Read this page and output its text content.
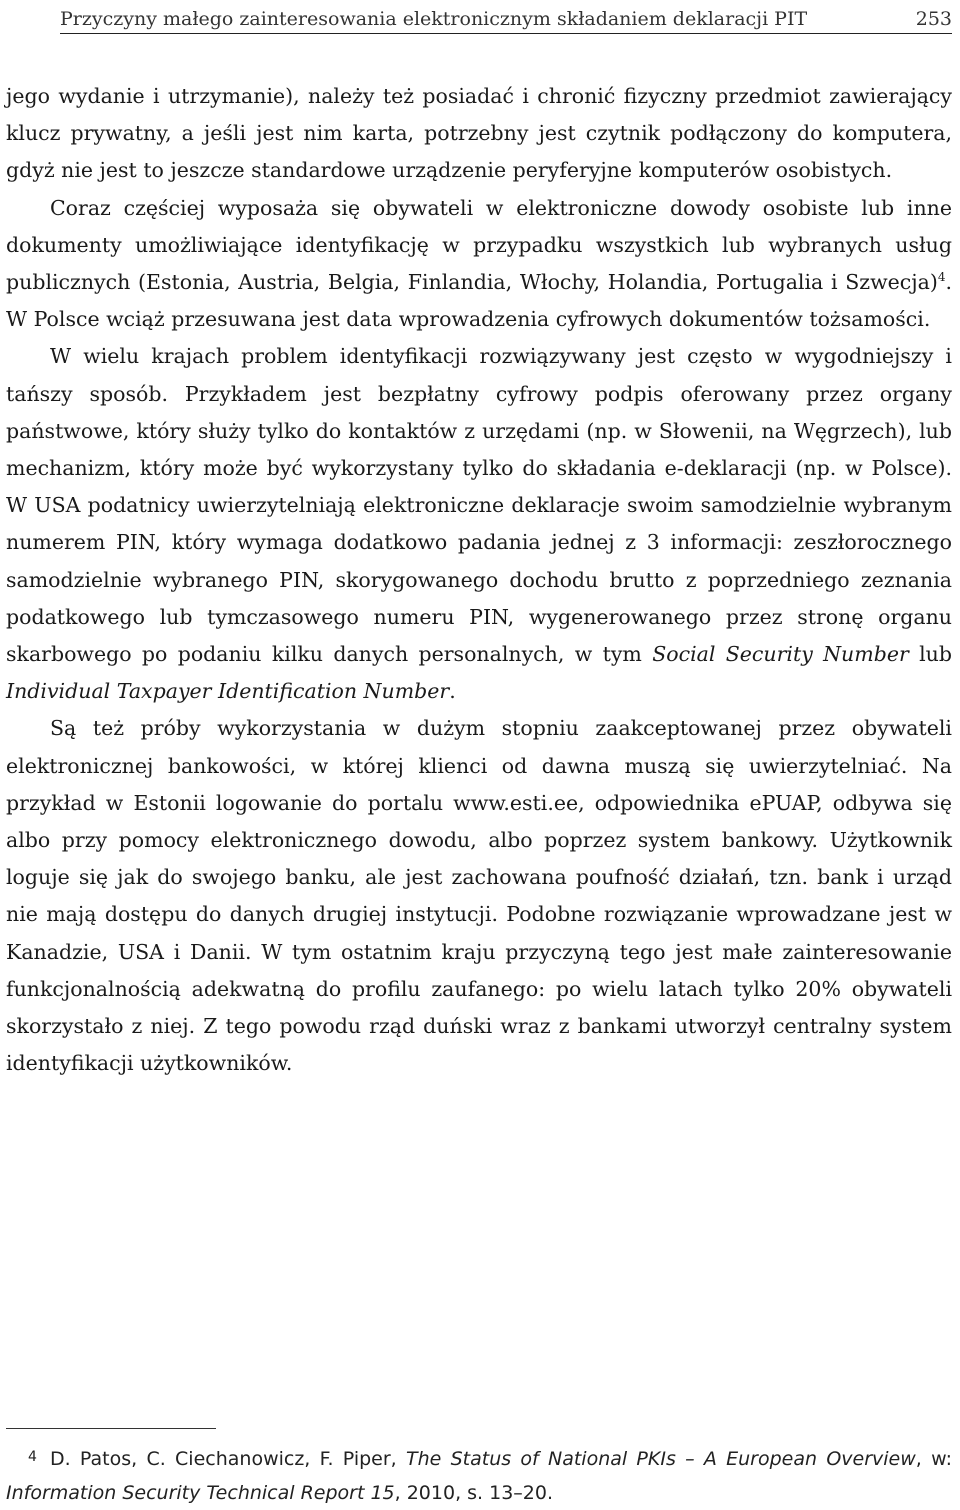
Przyczyny małego zainteresowania elektronicznym składaniem deklaracji PIT	253

jego wydanie i utrzymanie), należy też posiadać i chronić fizyczny przedmiot zawierający klucz prywatny, a jeśli jest nim karta, potrzebny jest czytnik podłączony do komputera, gdyż nie jest to jeszcze standardowe urządzenie peryferyjne komputerów osobistych.

Coraz częściej wyposaża się obywateli w elektroniczne dowody osobiste lub inne dokumenty umożliwiające identyfikację w przypadku wszystkich lub wybranych usług publicznych (Estonia, Austria, Belgia, Finlandia, Włochy, Holandia, Portugalia i Szwecja)$^4$. W Polsce wciąż przesuwana jest data wprowadzenia cyfrowych dokumentów tożsamości.

W wielu krajach problem identyfikacji rozwiązywany jest często w wygodniejszy i tańszy sposób. Przykładem jest bezpłatny cyfrowy podpis oferowany przez organy państwowe, który służy tylko do kontaktów z urzędami (np. w Słowenii, na Węgrzech), lub mechanizm, który może być wykorzystany tylko do składania e-deklaracji (np. w Polsce). W USA podatnicy uwierzytelniają elektroniczne deklaracje swoim samodzielnie wybranym numerem PIN, który wymaga dodatkowo padania jednej z 3 informacji: zeszłorocznego samodzielnie wybranego PIN, skorygowanego dochodu brutto z poprzedniego zeznania podatkowego lub tymczasowego numeru PIN, wygenerowanego przez stronę organu skarbowego po podaniu kilku danych personalnych, w tym Social Security Number lub Individual Taxpayer Identification Number.

Są też próby wykorzystania w dużym stopniu zaakceptowanej przez obywateli elektronicznej bankowości, w której klienci od dawna muszą się uwierzytelniać. Na przykład w Estonii logowanie do portalu www.esti.ee, odpowiednika ePUAP, odbywa się albo przy pomocy elektronicznego dowodu, albo poprzez system bankowy. Użytkownik loguje się jak do swojego banku, ale jest zachowana poufność działań, tzn. bank i urząd nie mają dostępu do danych drugiej instytucji. Podobne rozwiązanie wprowadzane jest w Kanadzie, USA i Danii. W tym ostatnim kraju przyczyną tego jest małe zainteresowanie funkcjonalnością adekwatną do profilu zaufanego: po wielu latach tylko 20% obywateli skorzystało z niej. Z tego powodu rząd duński wraz z bankami utworzył centralny system identyfikacji użytkowników.

4 D. Patos, C. Ciechanowicz, F. Piper, The Status of National PKIs – A European Overview, w: Information Security Technical Report 15, 2010, s. 13–20.
